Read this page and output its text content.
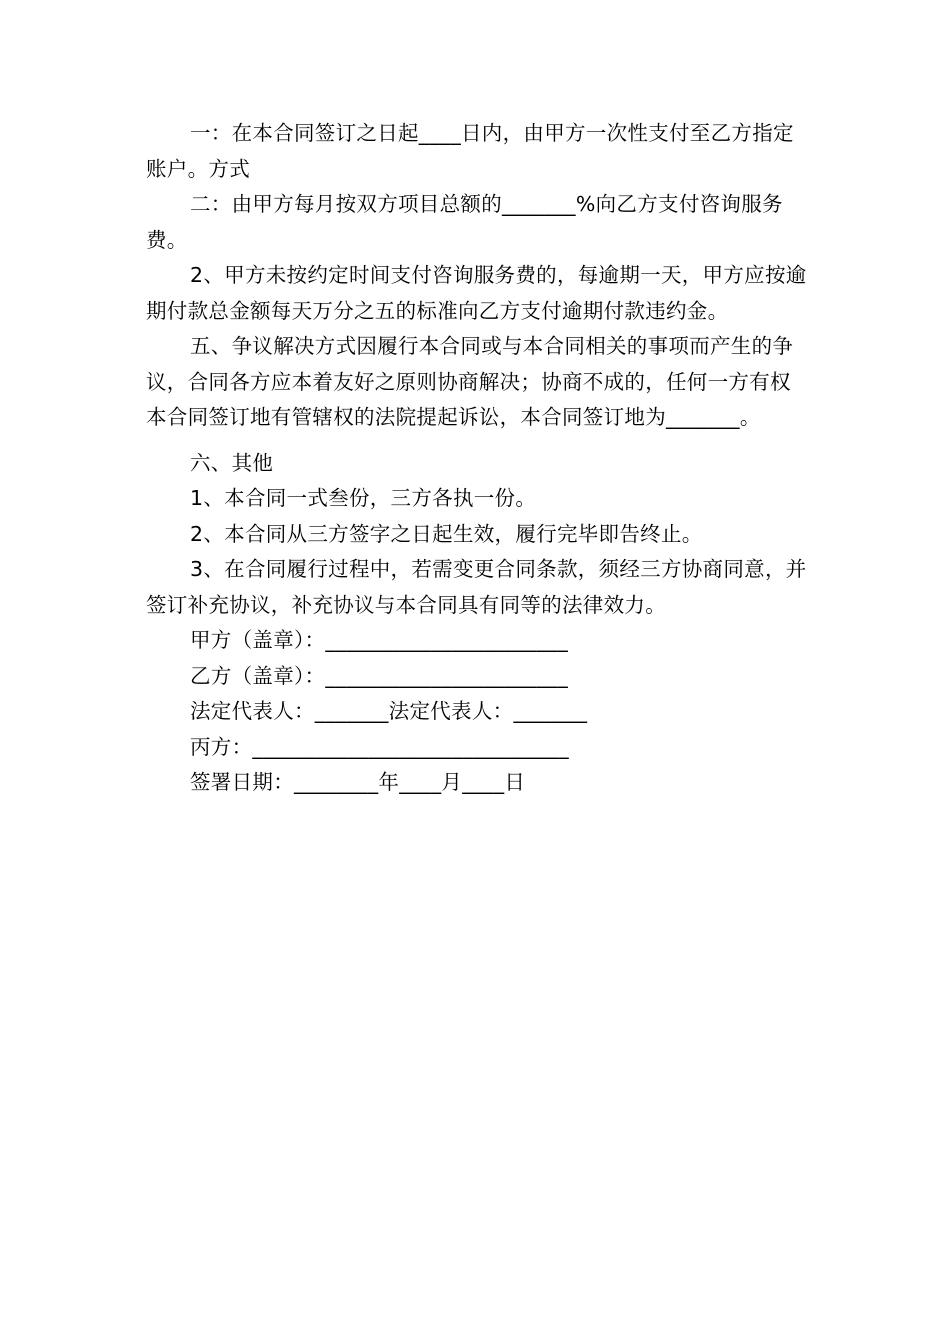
一：在本合同签订之日起____日内，由甲方一次性支付至乙方指定账户。方式

二：由甲方每月按双方项目总额的_______%向乙方支付咨询服务费。

2、甲方未按约定时间支付咨询服务费的，每逾期一天，甲方应按逾期付款总金额每天万分之五的标准向乙方支付逾期付款违约金。

五、争议解决方式因履行本合同或与本合同相关的事项而产生的争议，合同各方应本着友好之原则协商解决；协商不成的，任何一方有权本合同签订地有管辖权的法院提起诉讼，本合同签订地为_______。

六、其他

1、本合同一式叁份，三方各执一份。

2、本合同从三方签字之日起生效，履行完毕即告终止。

3、在合同履行过程中，若需变更合同条款，须经三方协商同意，并签订补充协议，补充协议与本合同具有同等的法律效力。

甲方（盖章）：_______________________

乙方（盖章）：_______________________

法定代表人：_______法定代表人：_______

丙方：______________________________

签署日期：________年____月____日
